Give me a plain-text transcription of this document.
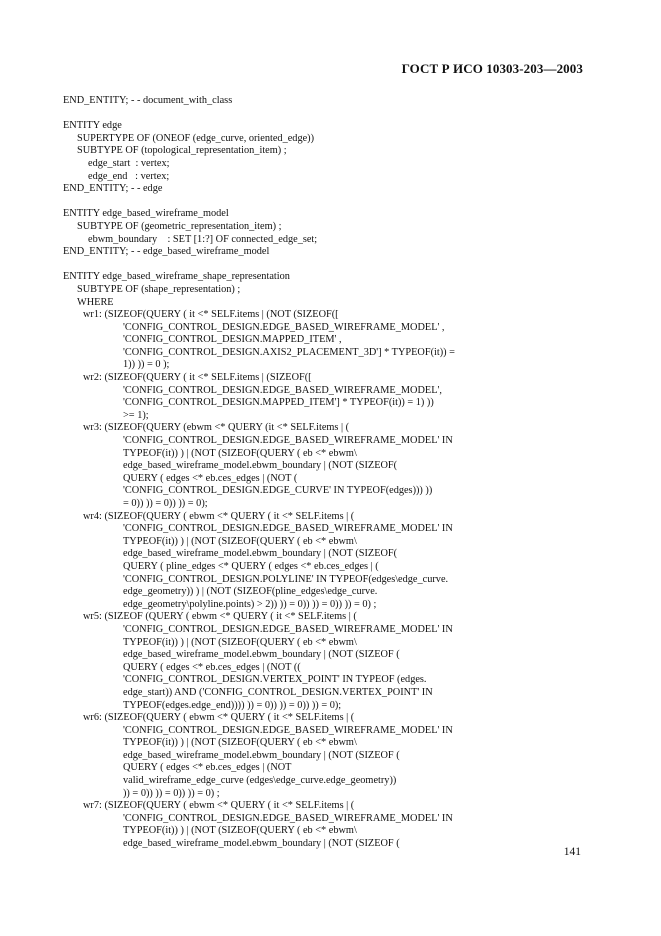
ГОСТ Р ИСО 10303-203—2003
END_ENTITY; - - document_with_class
ENTITY edge
SUPERTYPE OF (ONEOF (edge_curve, oriented_edge))
SUBTYPE OF (topological_representation_item) ;
edge_start  : vertex;
edge_end   : vertex;
END_ENTITY; - - edge
ENTITY edge_based_wireframe_model
SUBTYPE OF (geometric_representation_item) ;
ebwm_boundary    : SET [1:?] OF connected_edge_set;
END_ENTITY; - - edge_based_wireframe_model
ENTITY edge_based_wireframe_shape_representation
SUBTYPE OF (shape_representation) ;
WHERE
wr1: (SIZEOF(QUERY ( it <* SELF.items | (NOT (SIZEOF([
'CONFIG_CONTROL_DESIGN.EDGE_BASED_WIREFRAME_MODEL' ,
'CONFIG_CONTROL_DESIGN.MAPPED_ITEM' ,
'CONFIG_CONTROL_DESIGN.AXIS2_PLACEMENT_3D'] * TYPEOF(it)) =
1)) )) = 0 );
wr2: (SIZEOF(QUERY ( it <* SELF.items | (SIZEOF([
'CONFIG_CONTROL_DESIGN.EDGE_BASED_WIREFRAME_MODEL',
'CONFIG_CONTROL_DESIGN.MAPPED_ITEM'] * TYPEOF(it)) = 1) ))
>= 1);
wr3: (SIZEOF(QUERY (ebwm <* QUERY (it <* SELF.items | (
'CONFIG_CONTROL_DESIGN.EDGE_BASED_WIREFRAME_MODEL' IN
TYPEOF(it)) ) | (NOT (SIZEOF(QUERY ( eb <* ebwm\
edge_based_wireframe_model.ebwm_boundary | (NOT (SIZEOF(
QUERY ( edges <* eb.ces_edges | (NOT (
'CONFIG_CONTROL_DESIGN.EDGE_CURVE' IN TYPEOF(edges))) ))
= 0)) )) = 0)) )) = 0);
wr4: (SIZEOF(QUERY ( ebwm <* QUERY ( it <* SELF.items | (
'CONFIG_CONTROL_DESIGN.EDGE_BASED_WIREFRAME_MODEL' IN
TYPEOF(it)) ) | (NOT (SIZEOF(QUERY ( eb <* ebwm\
edge_based_wireframe_model.ebwm_boundary | (NOT (SIZEOF(
QUERY ( pline_edges <* QUERY ( edges <* eb.ces_edges | (
'CONFIG_CONTROL_DESIGN.POLYLINE' IN TYPEOF(edges\edge_curve.
edge_geometry)) ) | (NOT (SIZEOF(pline_edges\edge_curve.
edge_geometry\polyline.points) > 2)) )) = 0)) )) = 0)) )) = 0) ;
wr5: (SIZEOF (QUERY ( ebwm <* QUERY ( it <* SELF.items | (
'CONFIG_CONTROL_DESIGN.EDGE_BASED_WIREFRAME_MODEL' IN
TYPEOF(it)) ) | (NOT (SIZEOF(QUERY ( eb <* ebwm\
edge_based_wireframe_model.ebwm_boundary | (NOT (SIZEOF (
QUERY ( edges <* eb.ces_edges | (NOT ((
'CONFIG_CONTROL_DESIGN.VERTEX_POINT' IN TYPEOF (edges.
edge_start)) AND ('CONFIG_CONTROL_DESIGN.VERTEX_POINT' IN
TYPEOF(edges.edge_end)))) )) = 0)) )) = 0)) )) = 0);
wr6: (SIZEOF(QUERY ( ebwm <* QUERY ( it <* SELF.items | (
'CONFIG_CONTROL_DESIGN.EDGE_BASED_WIREFRAME_MODEL' IN
TYPEOF(it)) ) | (NOT (SIZEOF(QUERY ( eb <* ebwm\
edge_based_wireframe_model.ebwm_boundary | (NOT (SIZEOF (
QUERY ( edges <* eb.ces_edges | (NOT
valid_wireframe_edge_curve (edges\edge_curve.edge_geometry))
)) = 0)) )) = 0)) )) = 0) ;
wr7: (SIZEOF(QUERY ( ebwm <* QUERY ( it <* SELF.items | (
'CONFIG_CONTROL_DESIGN.EDGE_BASED_WIREFRAME_MODEL' IN
TYPEOF(it)) ) | (NOT (SIZEOF(QUERY ( eb <* ebwm\
edge_based_wireframe_model.ebwm_boundary | (NOT (SIZEOF (
141
